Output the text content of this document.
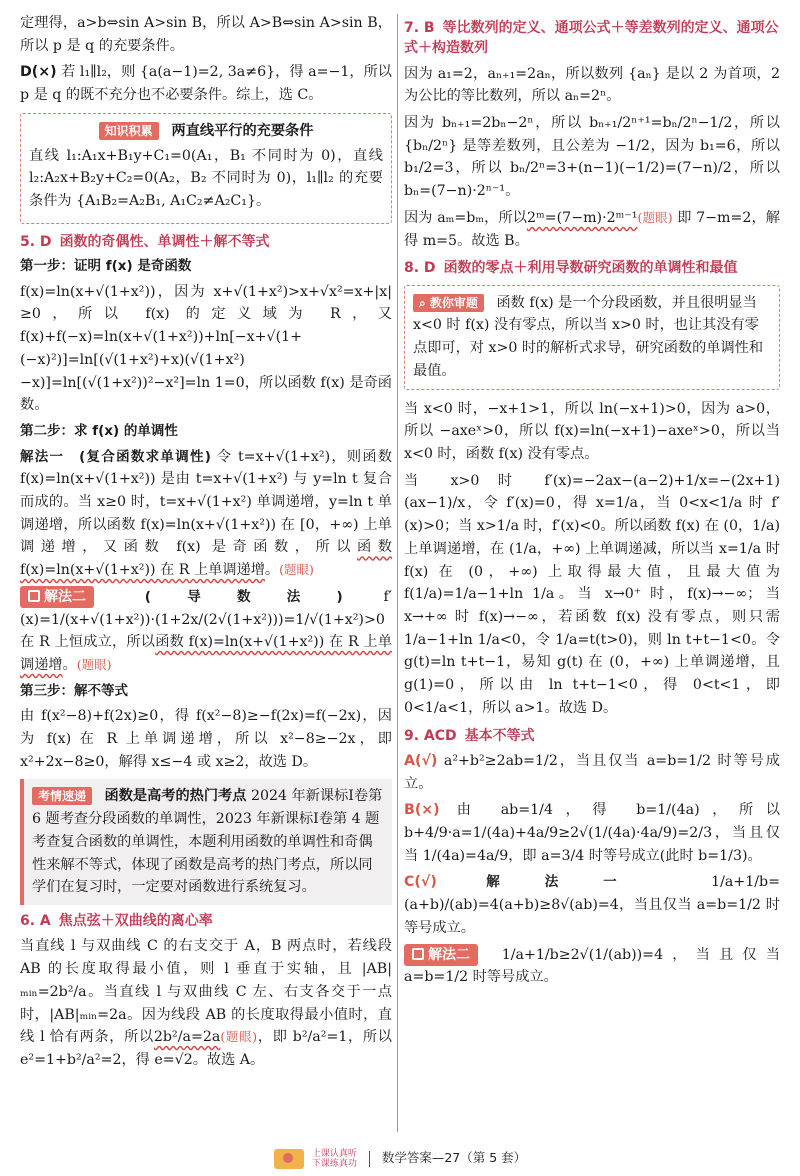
定理得，a>b⇔sin A>sin B，所以 A>B⇔sin A>sin B，所以 p 是 q 的充要条件。

D(×) 若 l₁∥l₂，则 {a(a−1)=2, 3a≠6}，得 a=−1，所以 p 是 q 的既不充分也不必要条件。综上，选 C。

知识积累 两直线平行的充要条件

直线 l₁:A₁x+B₁y+C₁=0(A₁，B₁ 不同时为 0)，直线 l₂:A₂x+B₂y+C₂=0(A₂，B₂ 不同时为 0)，l₁∥l₂ 的充要条件为 {A₁B₂=A₂B₁, A₁C₂≠A₂C₁}。

5. D 函数的奇偶性、单调性＋解不等式
第一步：证明 f(x) 是奇函数

f(x)=ln(x+√(1+x²))，因为 x+√(1+x²)>x+√x²=x+|x|≥0，所以 f(x) 的定义域为 R，又 f(x)+f(−x)=ln(x+√(1+x²))+ln[−x+√(1+(−x)²)]=ln[(√(1+x²)+x)(√(1+x²)−x)]=ln[(√(1+x²))²−x²]=ln 1=0，所以函数 f(x) 是奇函数。

第二步：求 f(x) 的单调性

解法一　(复合函数求单调性) 令 t=x+√(1+x²)，则函数 f(x)=ln(x+√(1+x²)) 是由 t=x+√(1+x²) 与 y=ln t 复合而成的。当 x≥0 时，t=x+√(1+x²) 单调递增，y=ln t 单调递增，所以函数 f(x)=ln(x+√(1+x²)) 在 [0，+∞) 上单调递增，又函数 f(x) 是奇函数，所以函数 f(x)=ln(x+√(1+x²)) 在 R 上单调递增。(题眼)

解法二	(导数法)	f′(x)=1/(x+√(1+x²))·(1+2x/(2√(1+x²)))=1/√(1+x²)>0 在 R 上恒成立，所以函数 f(x)=ln(x+√(1+x²)) 在 R 上单调递增。(题眼)

第三步：解不等式

由 f(x²−8)+f(2x)≥0，得 f(x²−8)≥−f(2x)=f(−2x)，因为 f(x) 在 R 上单调递增，所以 x²−8≥−2x，即 x²+2x−8≥0，解得 x≤−4 或 x≥2，故选 D。

考情速递 函数是高考的热门考点 2024 年新课标Ⅰ卷第 6 题考查分段函数的单调性，2023 年新课标Ⅰ卷第 4 题考查复合函数的单调性，本题利用函数的单调性和奇偶性来解不等式，体现了函数是高考的热门考点，所以同学们在复习时，一定要对函数进行系统复习。
6. A 焦点弦＋双曲线的离心率

当直线 l 与双曲线 C 的右支交于 A，B 两点时，若线段 AB 的长度取得最小值，则 l 垂直于实轴，且 |AB|ₘᵢₙ=2b²/a。当直线 l 与双曲线 C 左、右支各交于一点时，|AB|ₘᵢₙ=2a。因为线段 AB 的长度取得最小值时，直线 l 恰有两条，所以2b²/a=2a(题眼)，即 b²/a²=1，所以 e²=1+b²/a²=2，得 e=√2。故选 A。

7. B 等比数列的定义、通项公式＋等差数列的定义、通项公式＋构造数列

因为 a₁=2，aₙ₊₁=2aₙ，所以数列 {aₙ} 是以 2 为首项，2 为公比的等比数列，所以 aₙ=2ⁿ。

因为 bₙ₊₁=2bₙ−2ⁿ，所以 bₙ₊₁/2ⁿ⁺¹=bₙ/2ⁿ−1/2，所以 {bₙ/2ⁿ} 是等差数列，且公差为 −1/2，因为 b₁=6，所以 b₁/2=3，所以 bₙ/2ⁿ=3+(n−1)(−1/2)=(7−n)/2，所以 bₙ=(7−n)·2ⁿ⁻¹。

因为 aₘ=bₘ，所以2ᵐ=(7−m)·2ᵐ⁻¹(题眼) 即 7−m=2，解得 m=5。故选 B。

8. D 函数的零点＋利用导数研究函数的单调性和最值
⌕ 教你审题 函数 f(x) 是一个分段函数，并且很明显当 x<0 时 f(x) 没有零点，所以当 x>0 时，也让其没有零点即可，对 x>0 时的解析式求导，研究函数的单调性和最值。

当 x<0 时，−x+1>1，所以 ln(−x+1)>0，因为 a>0，所以 −axeˣ>0，所以 f(x)=ln(−x+1)−axeˣ>0，所以当 x<0 时，函数 f(x) 没有零点。

当 x>0 时 f′(x)=−2ax−(a−2)+1/x=−(2x+1)(ax−1)/x，令 f′(x)=0，得 x=1/a，当 0<x<1/a 时 f′(x)>0；当 x>1/a 时，f′(x)<0。所以函数 f(x) 在 (0，1/a) 上单调递增，在 (1/a，+∞) 上单调递减，所以当 x=1/a 时 f(x) 在 (0，+∞) 上取得最大值，且最大值为 f(1/a)=1/a−1+ln 1/a。当 x→0⁺ 时，f(x)→−∞；当 x→+∞ 时 f(x)→−∞，若函数 f(x) 没有零点，则只需 1/a−1+ln 1/a<0，令 1/a=t(t>0)，则 ln t+t−1<0。令 g(t)=ln t+t−1，易知 g(t) 在 (0，+∞) 上单调递增，且 g(1)=0，所以由 ln t+t−1<0，得 0<t<1，即 0<1/a<1，所以 a>1。故选 D。

9. ACD 基本不等式

A(√) a²+b²≥2ab=1/2，当且仅当 a=b=1/2 时等号成立。

B(×) 由 ab=1/4，得 b=1/(4a)，所以 b+4/9·a=1/(4a)+4a/9≥2√(1/(4a)·4a/9)=2/3，当且仅当 1/(4a)=4a/9，即 a=3/4 时等号成立(此时 b=1/3)。

C(√)	解法一	1/a+1/b=(a+b)/(ab)=4(a+b)≥8√(ab)=4，当且仅当 a=b=1/2 时等号成立。

解法二 1/a+1/b≥2√(1/(ab))=4，当且仅当 a=b=1/2 时等号成立。

上课认真听
下课练真功 数学答案—27（第 5 套）
